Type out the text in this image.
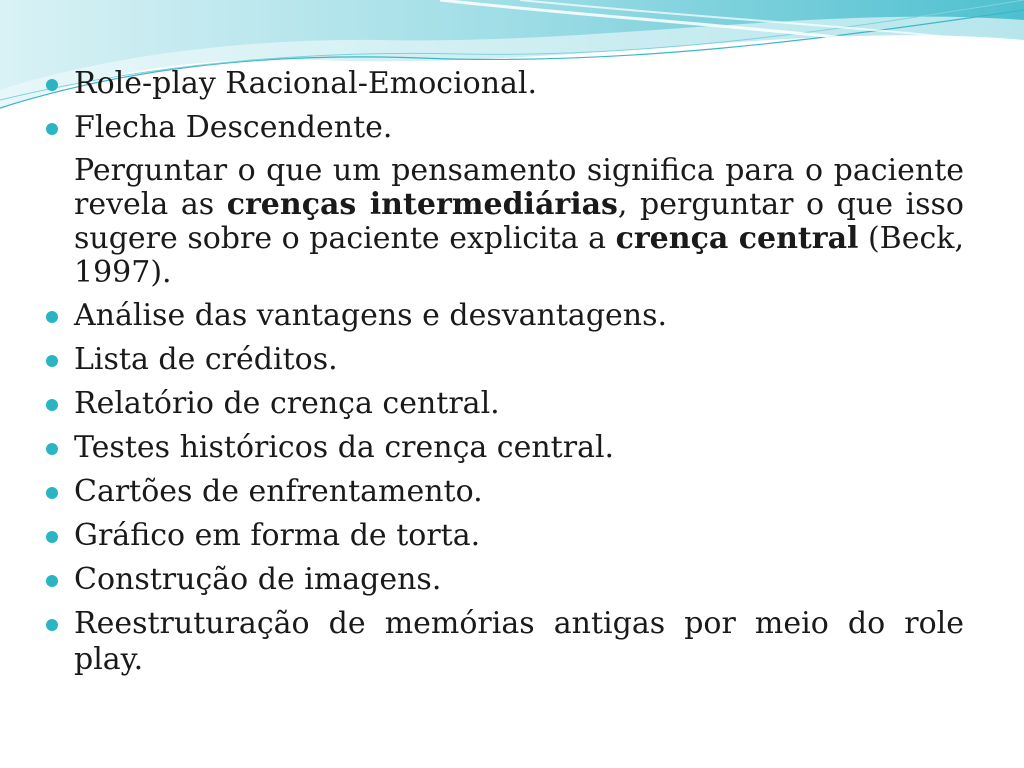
Role-play Racional-Emocional.
Flecha Descendente.
Perguntar o que um pensamento significa para o paciente revela as crenças intermediárias, perguntar o que isso sugere sobre o paciente explicita a crença central (Beck, 1997).
Análise das vantagens e desvantagens.
Lista de créditos.
Relatório de crença central.
Testes históricos da crença central.
Cartões de enfrentamento.
Gráfico em forma de torta.
Construção de imagens.
Reestruturação de memórias antigas por meio do role play.
